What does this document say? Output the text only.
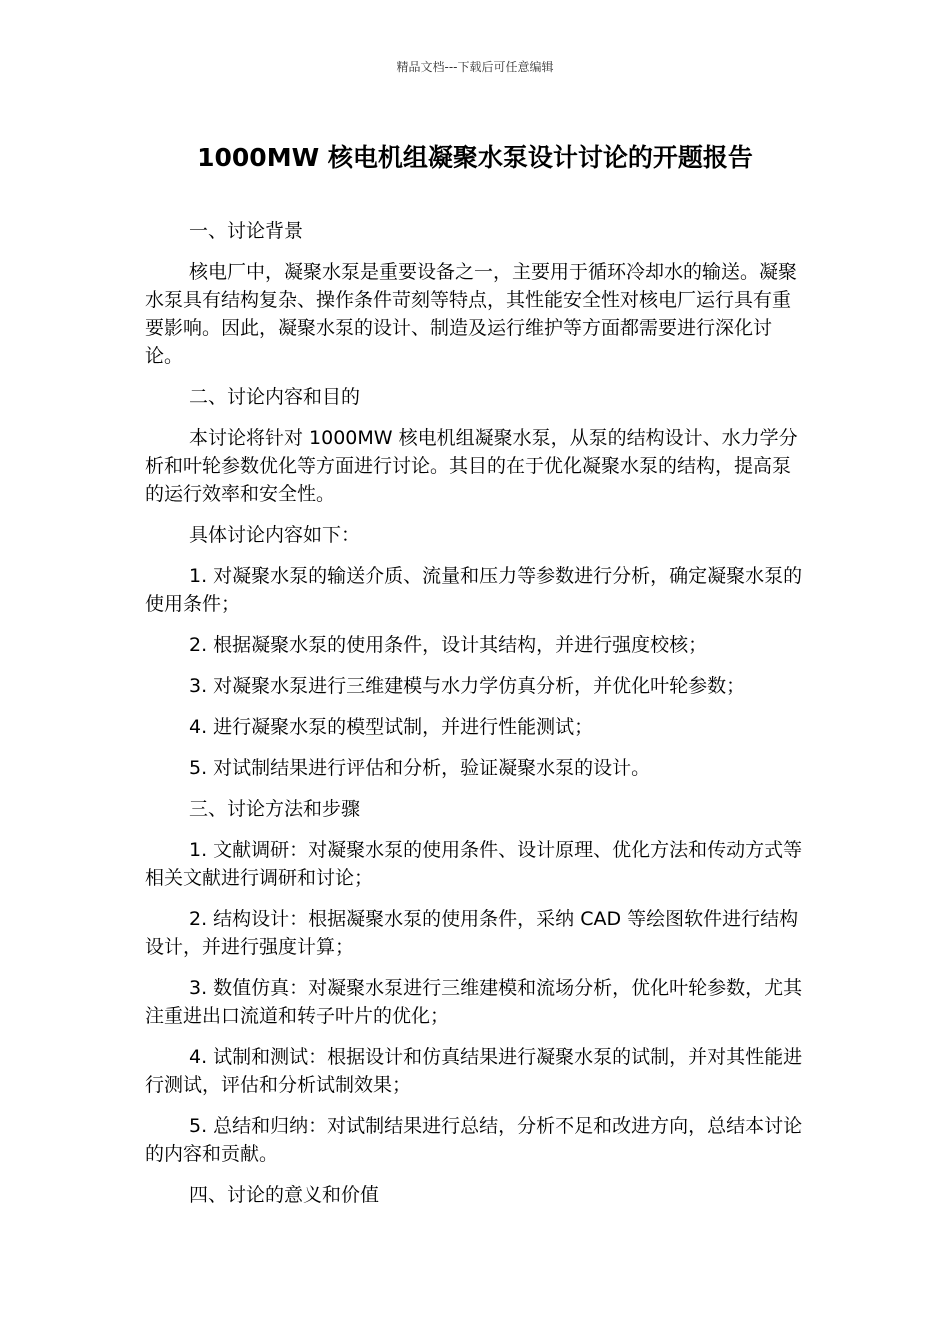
精品文档---下载后可任意编辑
1000MW 核电机组凝聚水泵设计讨论的开题报告

一、讨论背景

核电厂中，凝聚水泵是重要设备之一，主要用于循环冷却水的输送。凝聚水泵具有结构复杂、操作条件苛刻等特点，其性能安全性对核电厂运行具有重要影响。因此，凝聚水泵的设计、制造及运行维护等方面都需要进行深化讨论。

二、讨论内容和目的

本讨论将针对 1000MW 核电机组凝聚水泵，从泵的结构设计、水力学分析和叶轮参数优化等方面进行讨论。其目的在于优化凝聚水泵的结构，提高泵的运行效率和安全性。

具体讨论内容如下：

1. 对凝聚水泵的输送介质、流量和压力等参数进行分析，确定凝聚水泵的使用条件；

2. 根据凝聚水泵的使用条件，设计其结构，并进行强度校核；

3. 对凝聚水泵进行三维建模与水力学仿真分析，并优化叶轮参数；

4. 进行凝聚水泵的模型试制，并进行性能测试；

5. 对试制结果进行评估和分析，验证凝聚水泵的设计。

三、讨论方法和步骤

1. 文献调研：对凝聚水泵的使用条件、设计原理、优化方法和传动方式等相关文献进行调研和讨论；

2. 结构设计：根据凝聚水泵的使用条件，采纳 CAD 等绘图软件进行结构设计，并进行强度计算；

3. 数值仿真：对凝聚水泵进行三维建模和流场分析，优化叶轮参数，尤其注重进出口流道和转子叶片的优化；

4. 试制和测试：根据设计和仿真结果进行凝聚水泵的试制，并对其性能进行测试，评估和分析试制效果；

5. 总结和归纳：对试制结果进行总结，分析不足和改进方向，总结本讨论的内容和贡献。

四、讨论的意义和价值
